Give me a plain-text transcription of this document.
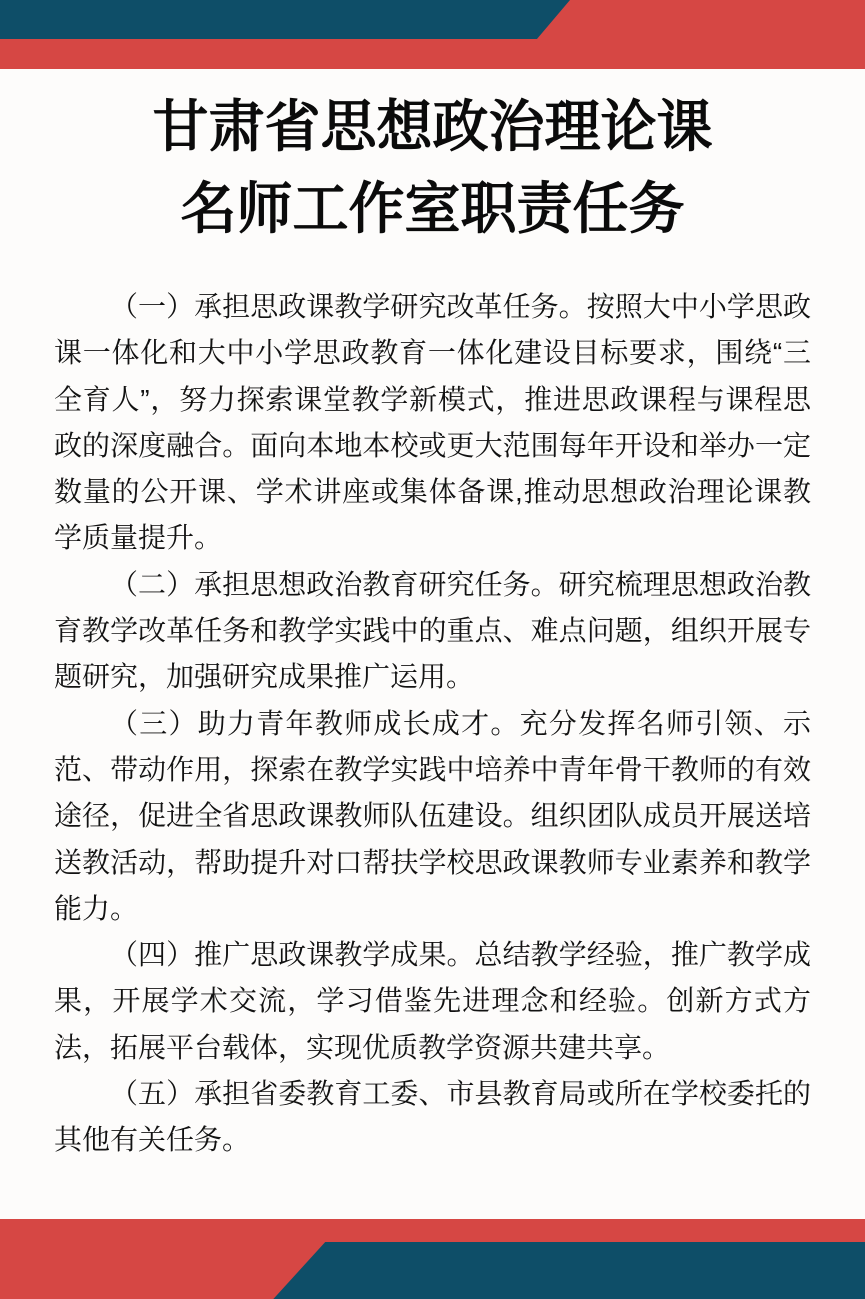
甘肃省思想政治理论课
名师工作室职责任务

（一）承担思政课教学研究改革任务。按照大中小学思政课一体化和大中小学思政教育一体化建设目标要求，围绕“三全育人”，努力探索课堂教学新模式，推进思政课程与课程思政的深度融合。面向本地本校或更大范围每年开设和举办一定数量的公开课、学术讲座或集体备课,推动思想政治理论课教学质量提升。

（二）承担思想政治教育研究任务。研究梳理思想政治教育教学改革任务和教学实践中的重点、难点问题，组织开展专题研究，加强研究成果推广运用。

（三）助力青年教师成长成才。充分发挥名师引领、示范、带动作用，探索在教学实践中培养中青年骨干教师的有效途径，促进全省思政课教师队伍建设。组织团队成员开展送培送教活动，帮助提升对口帮扶学校思政课教师专业素养和教学能力。

（四）推广思政课教学成果。总结教学经验，推广教学成果，开展学术交流，学习借鉴先进理念和经验。创新方式方法，拓展平台载体，实现优质教学资源共建共享。

（五）承担省委教育工委、市县教育局或所在学校委托的其他有关任务。
